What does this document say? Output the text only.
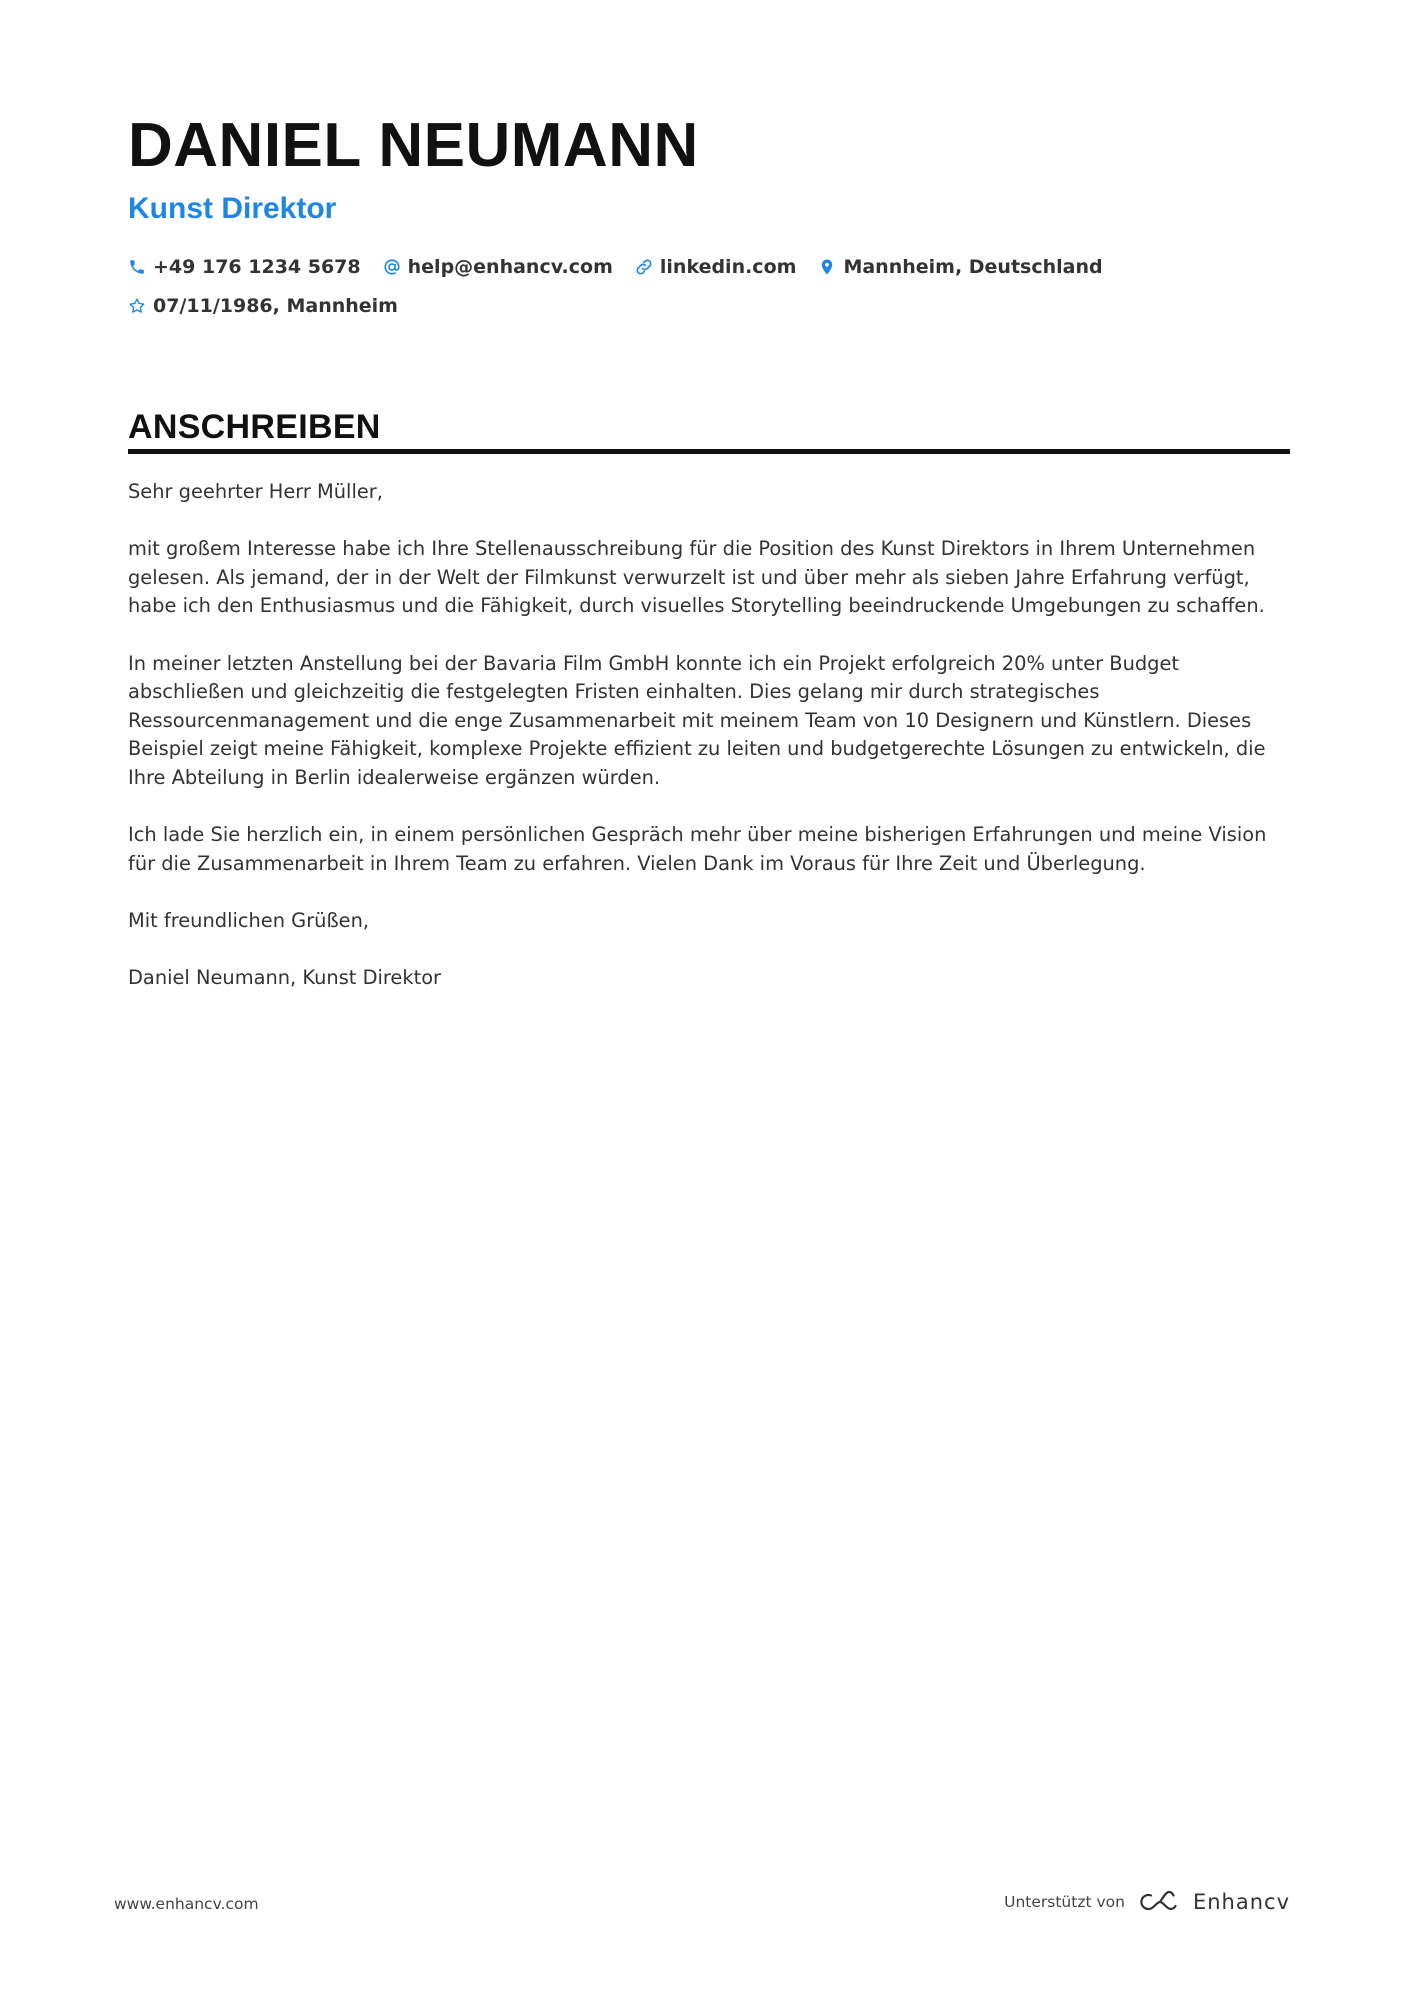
DANIEL NEUMANN
Kunst Direktor
+49 176 1234 5678 help@enhancv.com linkedin.com Mannheim, Deutschland
07/11/1986, Mannheim
ANSCHREIBEN

Sehr geehrter Herr Müller,

mit großem Interesse habe ich Ihre Stellenausschreibung für die Position des Kunst Direktors in Ihrem Unternehmen gelesen. Als jemand, der in der Welt der Filmkunst verwurzelt ist und über mehr als sieben Jahre Erfahrung verfügt, habe ich den Enthusiasmus und die Fähigkeit, durch visuelles Storytelling beeindruckende Umgebungen zu schaffen.

In meiner letzten Anstellung bei der Bavaria Film GmbH konnte ich ein Projekt erfolgreich 20% unter Budget abschließen und gleichzeitig die festgelegten Fristen einhalten. Dies gelang mir durch strategisches Ressourcenmanagement und die enge Zusammenarbeit mit meinem Team von 10 Designern und Künstlern. Dieses Beispiel zeigt meine Fähigkeit, komplexe Projekte effizient zu leiten und budgetgerechte Lösungen zu entwickeln, die Ihre Abteilung in Berlin idealerweise ergänzen würden.

Ich lade Sie herzlich ein, in einem persönlichen Gespräch mehr über meine bisherigen Erfahrungen und meine Vision für die Zusammenarbeit in Ihrem Team zu erfahren. Vielen Dank im Voraus für Ihre Zeit und Überlegung.

Mit freundlichen Grüßen,

Daniel Neumann, Kunst Direktor

www.enhancv.com	Unterstützt von	Enhancv
